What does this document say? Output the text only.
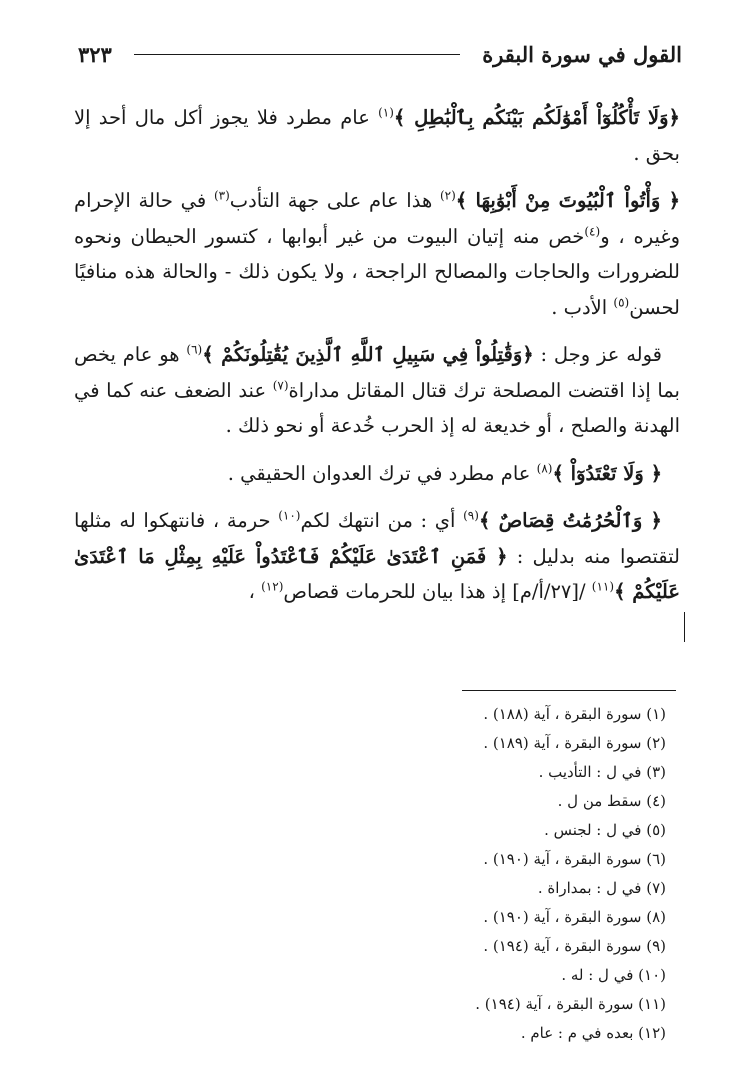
القول في سورة البقرة
٣٢٣

﴿وَلَا تَأْكُلُوٓاْ أَمْوَٰلَكُم بَيْنَكُم بِٱلْبَٰطِلِ ﴾$^{(١)}$ عام مطرد فلا يجوز أكل مال أحد إلا بحق .

﴿ وَأْتُواْ ٱلْبُيُوتَ مِنْ أَبْوَٰبِهَا ﴾$^{(٢)}$ هذا عام على جهة التأدب$^{(٣)}$ في حالة الإحرام وغيره ، و$^{(٤)}$خص منه إتيان البيوت من غير أبوابها ، كتسور الحيطان ونحوه للضرورات والحاجات والمصالح الراجحة ، ولا يكون ذلك - والحالة هذه منافيًا لحسن$^{(٥)}$ الأدب .

قوله عز وجل : ﴿وَقَٰتِلُواْ فِي سَبِيلِ ٱللَّهِ ٱلَّذِينَ يُقَٰتِلُونَكُمْ ﴾$^{(٦)}$ هو عام يخص بما إذا اقتضت المصلحة ترك قتال المقاتل مداراة$^{(٧)}$ عند الضعف عنه كما في الهدنة والصلح ، أو خديعة له إذ الحرب خُدعة أو نحو ذلك .

﴿ وَلَا تَعْتَدُوٓاْ ﴾$^{(٨)}$ عام مطرد في ترك العدوان الحقيقي .

﴿ وَٱلْحُرُمَٰتُ قِصَاصٌ ﴾$^{(٩)}$ أي : من انتهك لكم$^{(١٠)}$ حرمة ، فانتهكوا له مثلها لتقتصوا منه بدليل : ﴿ فَمَنِ ٱعْتَدَىٰ عَلَيْكُمْ فَٱعْتَدُواْ عَلَيْهِ بِمِثْلِ مَا ٱعْتَدَىٰ عَلَيْكُمْ ﴾$^{(١١)}$ /[٢٧/أ/م] إذ هذا بيان للحرمات قصاص$^{(١٢)}$ ،

(١) سورة البقرة ، آية (١٨٨) .
(٢) سورة البقرة ، آية (١٨٩) .
(٣) في ل : التأديب .
(٤) سقط من ل .
(٥) في ل : لجنس .
(٦) سورة البقرة ، آية (١٩٠) .
(٧) في ل : بمداراة .
(٨) سورة البقرة ، آية (١٩٠) .
(٩) سورة البقرة ، آية (١٩٤) .
(١٠) في ل : له .
(١١) سورة البقرة ، آية (١٩٤) .
(١٢) بعده في م : عام .
